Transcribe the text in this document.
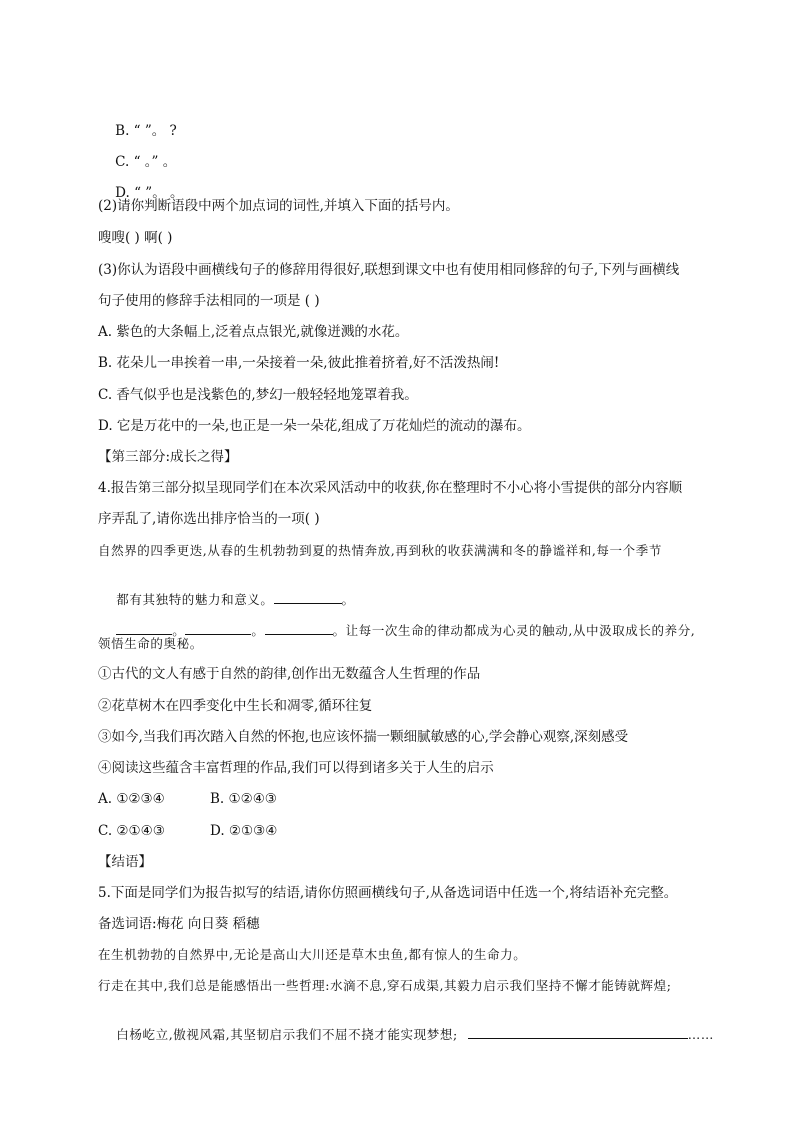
B. “ ”。 ?

C. “ 。” 。

D. “ ”。 。

(2)请你判断语段中两个加点词的词性,并填入下面的括号内。
嗖嗖( ) 啊( )
(3)你认为语段中画横线句子的修辞用得很好,联想到课文中也有使用相同修辞的句子,下列与画横线
句子使用的修辞手法相同的一项是 ( )
A. 紫色的大条幅上,泛着点点银光,就像迸溅的水花。
B. 花朵儿一串挨着一串,一朵接着一朵,彼此推着挤着,好不活泼热闹!
C. 香气似乎也是浅紫色的,梦幻一般轻轻地笼罩着我。
D. 它是万花中的一朵,也正是一朵一朵花,组成了万花灿烂的流动的瀑布。
【第三部分:成长之得】
4.报告第三部分拟呈现同学们在本次采风活动中的收获,你在整理时不小心将小雪提供的部分内容顺
序弄乱了,请你选出排序恰当的一项( )
自然界的四季更迭,从春的生机勃勃到夏的热情奔放,再到秋的收获满满和冬的静谧祥和,每一个季节

都有其独特的魅力和意义。	。

。	。	。让每一次生命的律动都成为心灵的触动,从中汲取成长的养分,

领悟生命的奥秘。
①古代的文人有感于自然的韵律,创作出无数蕴含人生哲理的作品
②花草树木在四季变化中生长和凋零,循环往复
③如今,当我们再次踏入自然的怀抱,也应该怀揣一颗细腻敏感的心,学会静心观察,深刻感受
④阅读这些蕴含丰富哲理的作品,我们可以得到诸多关于人生的启示
A. ①②③④	B. ①②④③
C. ②①④③	D. ②①③④
【结语】
5.下面是同学们为报告拟写的结语,请你仿照画横线句子,从备选词语中任选一个,将结语补充完整。
备选词语:梅花 向日葵 稻穗
在生机勃勃的自然界中,无论是高山大川还是草木虫鱼,都有惊人的生命力。
行走在其中,我们总是能感悟出一些哲理:水滴不息,穿石成渠,其毅力启示我们坚持不懈才能铸就辉煌;

白杨屹立,傲视风霜,其坚韧启示我们不屈不挠才能实现梦想;	……
